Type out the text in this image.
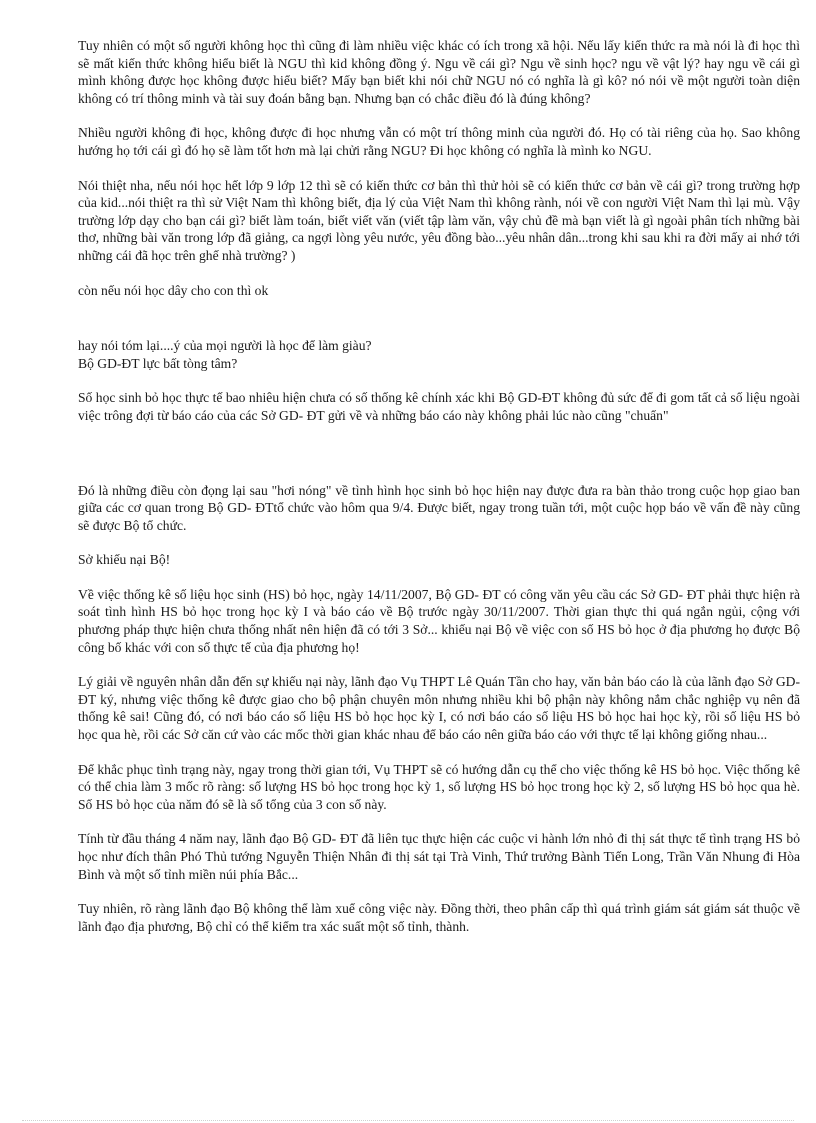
Tuy nhiên có một số người không học thì cũng đi làm nhiều việc khác có ích trong xã hội. Nếu lấy kiến thức ra mà nói là đi học thì sẽ mất kiến thức không hiểu biết là NGU thì kid không đồng ý. Ngu về cái gì? Ngu về sinh học? ngu về vật lý? hay ngu về cái gì mình không được học không được hiểu biết? Mấy bạn biết khi nói chữ NGU nó có nghĩa là gì kô? nó nói về một người toàn diện không có trí thông minh và tài suy đoán bằng bạn. Nhưng bạn có chắc điều đó là đúng không?

Nhiều người không đi học, không được đi học nhưng vẫn có một trí thông minh của người đó. Họ có tài riêng của họ. Sao không hướng họ tới cái gì đó họ sẽ làm tốt hơn mà lại chửi rằng NGU? Đi học không có nghĩa là mình ko NGU.

Nói thiệt nha, nếu nói học hết lớp 9 lớp 12 thì sẽ có kiến thức cơ bản thì thử hỏi sẽ có kiến thức cơ bản về cái gì? trong trường hợp của kid...nói thiệt ra thì sử Việt Nam thì không biết, địa lý của Việt Nam thì không rành, nói về con người Việt Nam thì lại mù. Vậy trường lớp dạy cho bạn cái gì? biết làm toán, biết viết văn (viết tập làm văn, vậy chủ đề mà bạn viết là gì ngoài phân tích những bài thơ, những bài văn trong lớp đã giảng, ca ngợi lòng yêu nước, yêu đồng bào...yêu nhân dân...trong khi sau khi ra đời mấy ai nhớ tới những cái đã học trên ghế nhà trường? )

còn nếu nói học dây cho con thì ok

hay nói tóm lại....ý của mọi người là học để làm giàu?
Bộ GD-ĐT lực bất tòng tâm?

Số học sinh bỏ học thực tế bao nhiêu hiện chưa có số thống kê chính xác khi Bộ GD-ĐT không đủ sức để đi gom tất cả số liệu ngoài việc trông đợi từ báo cáo của các Sở GD- ĐT gửi về và những báo cáo này không phải lúc nào cũng "chuẩn"

Đó là những điều còn đọng lại sau "hơi nóng" về tình hình học sinh bỏ học hiện nay được đưa ra bàn thảo trong cuộc họp giao ban giữa các cơ quan trong Bộ GD- ĐTtổ chức vào hôm qua 9/4. Được biết, ngay trong tuần tới, một cuộc họp báo về vấn đề này cũng sẽ được Bộ tổ chức.

Sở khiếu nại Bộ!

Về việc thống kê số liệu học sinh (HS) bỏ học, ngày 14/11/2007, Bộ GD- ĐT có công văn yêu cầu các Sở GD- ĐT phải thực hiện rà soát tình hình HS bỏ học trong học kỳ I và báo cáo về Bộ trước ngày 30/11/2007. Thời gian thực thi quá ngắn ngủi, cộng với phương pháp thực hiện chưa thống nhất nên hiện đã có tới 3 Sở... khiếu nại Bộ về việc con số HS bỏ học ở địa phương họ được Bộ công bố khác với con số thực tế của địa phương họ!

Lý giải về nguyên nhân dẫn đến sự khiếu nại này, lãnh đạo Vụ THPT Lê Quán Tần cho hay, văn bản báo cáo là của lãnh đạo Sở GD-ĐT ký, nhưng việc thống kê được giao cho bộ phận chuyên môn nhưng nhiều khi bộ phận này không nắm chắc nghiệp vụ nên đã thống kê sai! Cũng đó, có nơi báo cáo số liệu HS bỏ học học kỳ I, có nơi báo cáo số liệu HS bỏ học hai học kỳ, rồi số liệu HS bỏ học qua hè, rồi các Sở căn cứ vào các mốc thời gian khác nhau để báo cáo nên giữa báo cáo với thực tế lại không giống nhau...

Để khắc phục tình trạng này, ngay trong thời gian tới, Vụ THPT sẽ có hướng dẫn cụ thể cho việc thống kê HS bỏ học. Việc thống kê có thể chia làm 3 mốc rõ ràng: số lượng HS bỏ học trong học kỳ 1, số lượng HS bỏ học trong học kỳ 2, số lượng HS bỏ học qua hè. Số HS bỏ học của năm đó sẽ là số tổng của 3 con số này.

Tính từ đầu tháng 4 năm nay, lãnh đạo Bộ GD- ĐT đã liên tục thực hiện các cuộc vi hành lớn nhỏ đi thị sát thực tế tình trạng HS bỏ học như đích thân Phó Thủ tướng Nguyễn Thiện Nhân đi thị sát tại Trà Vinh, Thứ trưởng Bành Tiến Long, Trần Văn Nhung đi Hòa Bình và một số tỉnh miền núi phía Bắc...

Tuy nhiên, rõ ràng lãnh đạo Bộ không thể làm xuể công việc này. Đồng thời, theo phân cấp thì quá trình giám sát giám sát thuộc về lãnh đạo địa phương, Bộ chỉ có thể kiểm tra xác suất một số tỉnh, thành.
